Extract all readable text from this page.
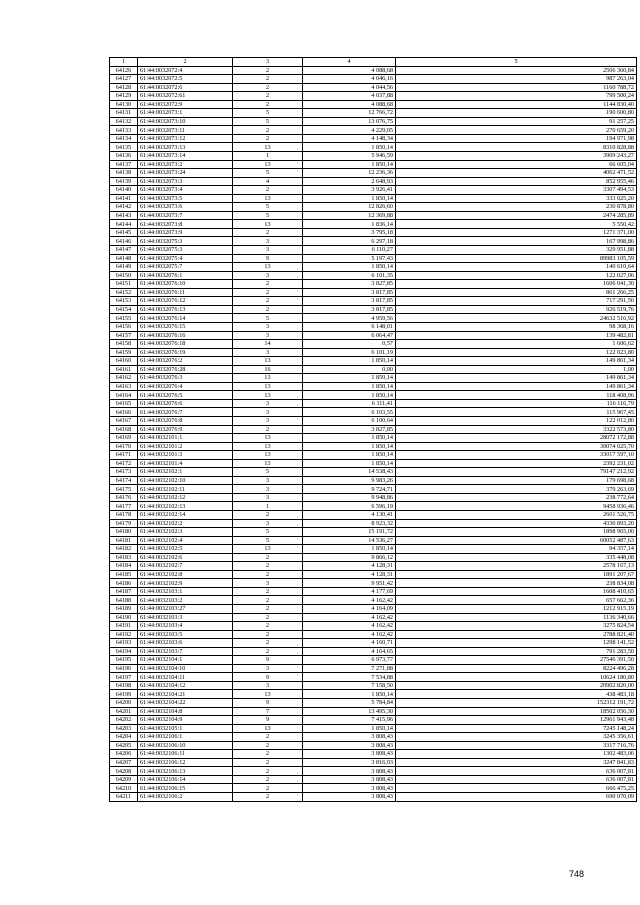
1	2	3	4	5
64126	61:44:0032072:4	2	4 088,68	2506 360,84
64127	61:44:0032072:5	2	4 046,16	987 263,04
64128	61:44:0032072:6	2	4 044,56	1160 788,72
64129	61:44:0032072:61	2	4 037,88	799 500,24
64130	61:44:0032072:9	2	4 088,68	1144 830,40
64131	61:44:0032073:1	5	12 766,72	190 600,80
64132	61:44:0032073:10	5	13 076,75	91 257,25
64133	61:44:0032073:11	2	4 229,05	270 659,20
64134	61:44:0032073:12	2	4 148,34	194 971,98
64135	61:44:0032073:13	13	1 850,14	8310 828,88
64136	61:44:0032073:14	1	5 946,59	3909 243,27
64137	61:44:0032073:2	13	1 850,14	66 605,04
64138	61:44:0032073:24	5	12 236,36	4062 471,52
64139	61:44:0032073:3	4	2 648,93	852 955,46
64140	61:44:0032073:4	2	3 926,41	3307 494,53
64141	61:44:0032073:5	13	1 850,14	333 025,20
64142	61:44:0032073:6	5	12 826,60	230 878,80
64143	61:44:0032073:7	5	12 369,88	2474 285,89
64144	61:44:0032073:8	13	1 836,14	5 550,42
64145	61:44:0032073:9	2	3 795,18	1271 371,00
64146	61:44:0032075:3	3	6 297,18	167 998,86
64147	61:44:0032075:3	3	6 110,27	329 951,88
64148	61:44:0032075:4	9	5 197,43	89983 105,59
64149	61:44:0032075:7	13	1 850,14	140 610,64
64150	61:44:0032076:1	3	6 101,35	122 027,06
64151	61:44:0032076:10	2	3 827,85	1606 041,30
64152	61:44:0032076:11	2	3 817,85	861 266,25
64153	61:44:0032076:12	2	3 817,85	717 291,50
64154	61:44:0032076:13	2	3 817,85	926 519,76
64155	61:44:0032076:14	5	4 959,56	24632 516,92
64156	61:44:0032076:15	3	6 148,01	98 368,16
64157	61:44:0032076:16	3	6 064,47	139 482,81
64158	61:44:0032076:18	14	0,57	1 606,62
64159	61:44:0032076:19	3	6 101,19	122 023,80
64160	61:44:0032076:2	13	1 850,14	149 861,34
64161	61:44:0032076:28	16	0,00	1,00
64162	61:44:0032076:3	13	1 850,14	149 861,34
64163	61:44:0032076:4	13	1 850,14	149 861,34
64164	61:44:0032076:5	13	1 850,14	118 408,96
64165	61:44:0032076:6	3	6 111,41	116 116,79
64166	61:44:0032076:7	3	6 103,55	115 967,45
64167	61:44:0032076:8	3	6 100,64	122 012,80
64168	61:44:0032076:9	2	3 827,85	3322 573,80
64169	61:44:0032101:1	13	1 850,14	28072 172,88
64170	61:44:0032101:2	13	1 850,14	30074 025,70
64171	61:44:0032101:3	13	1 850,14	33017 597,10
64172	61:44:0032101:4	13	1 850,14	2392 231,02
64173	61:44:0032102:1	5	14 538,43	79147 212,92
64174	61:44:0032102:10	3	9 983,26	179 698,68
64175	61:44:0032102:11	3	9 724,71	379 263,69
64176	61:44:0032102:12	3	9 948,86	238 772,64
64177	61:44:0032102:13	1	6 596,19	9458 936,46
64178	61:44:0032102:14	2	4 130,41	2601 526,75
64179	61:44:0032102:2	3	8 923,32	4330 893,20
64180	61:44:0032102:3	5	15 191,72	1898 965,00
64181	61:44:0032102:4	5	14 536,27	60052 487,63
64182	61:44:0032102:5	13	1 850,14	94 357,14
64183	61:44:0032102:6	2	9 866,12	335 448,08
64184	61:44:0032102:7	2	4 128,31	2578 167,13
64185	61:44:0032102:8	2	4 128,31	1891 207,67
64186	61:44:0032102:9	3	9 951,42	238 834,08
64187	61:44:0032103:1	2	4 177,69	1608 410,65
64188	61:44:0032103:2	2	4 162,42	657 662,36
64189	61:44:0032103:27	2	4 164,09	1212 915,19
64190	61:44:0032103:3	2	4 162,42	1136 340,66
64191	61:44:0032103:4	2	4 162,42	3275 824,54
64192	61:44:0032103:5	2	4 162,42	2788 821,40
64193	61:44:0032103:6	2	4 160,71	1298 141,52
64194	61:44:0032103:7	2	4 164,65	791 283,50
64195	61:44:0032104:1	9	6 973,77	27546 391,50
64196	61:44:0032104:10	3	7 271,88	8224 496,28
64197	61:44:0032104:11	9	7 534,88	10624 180,80
64198	61:44:0032104:12	3	7 158,50	20902 820,00
64199	61:44:0032104:21	13	1 850,14	438 483,18
64200	61:44:0032104:22	9	5 784,84	152312 191,72
64201	61:44:0032104:8	7	13 495,30	18502 056,30
64202	61:44:0032104:9	9	7 415,96	12961 943,48
64203	61:44:0032105:1	13	1 850,14	7245 148,24
64204	61:44:0032106:1	2	3 808,43	3245 356,61
64205	61:44:0032106:10	2	3 808,43	3317 716,76
64206	61:44:0032106:11	2	3 808,43	1302 483,06
64207	61:44:0032106:12	2	3 816,03	3247 841,83
64208	61:44:0032106:13	2	3 808,43	636 007,81
64209	61:44:0032106:14	2	3 808,43	636 007,81
64210	61:44:0032106:15	2	3 808,43	666 475,25
64211	61:44:0032106:2	2	3 808,43	690 070,09
748
